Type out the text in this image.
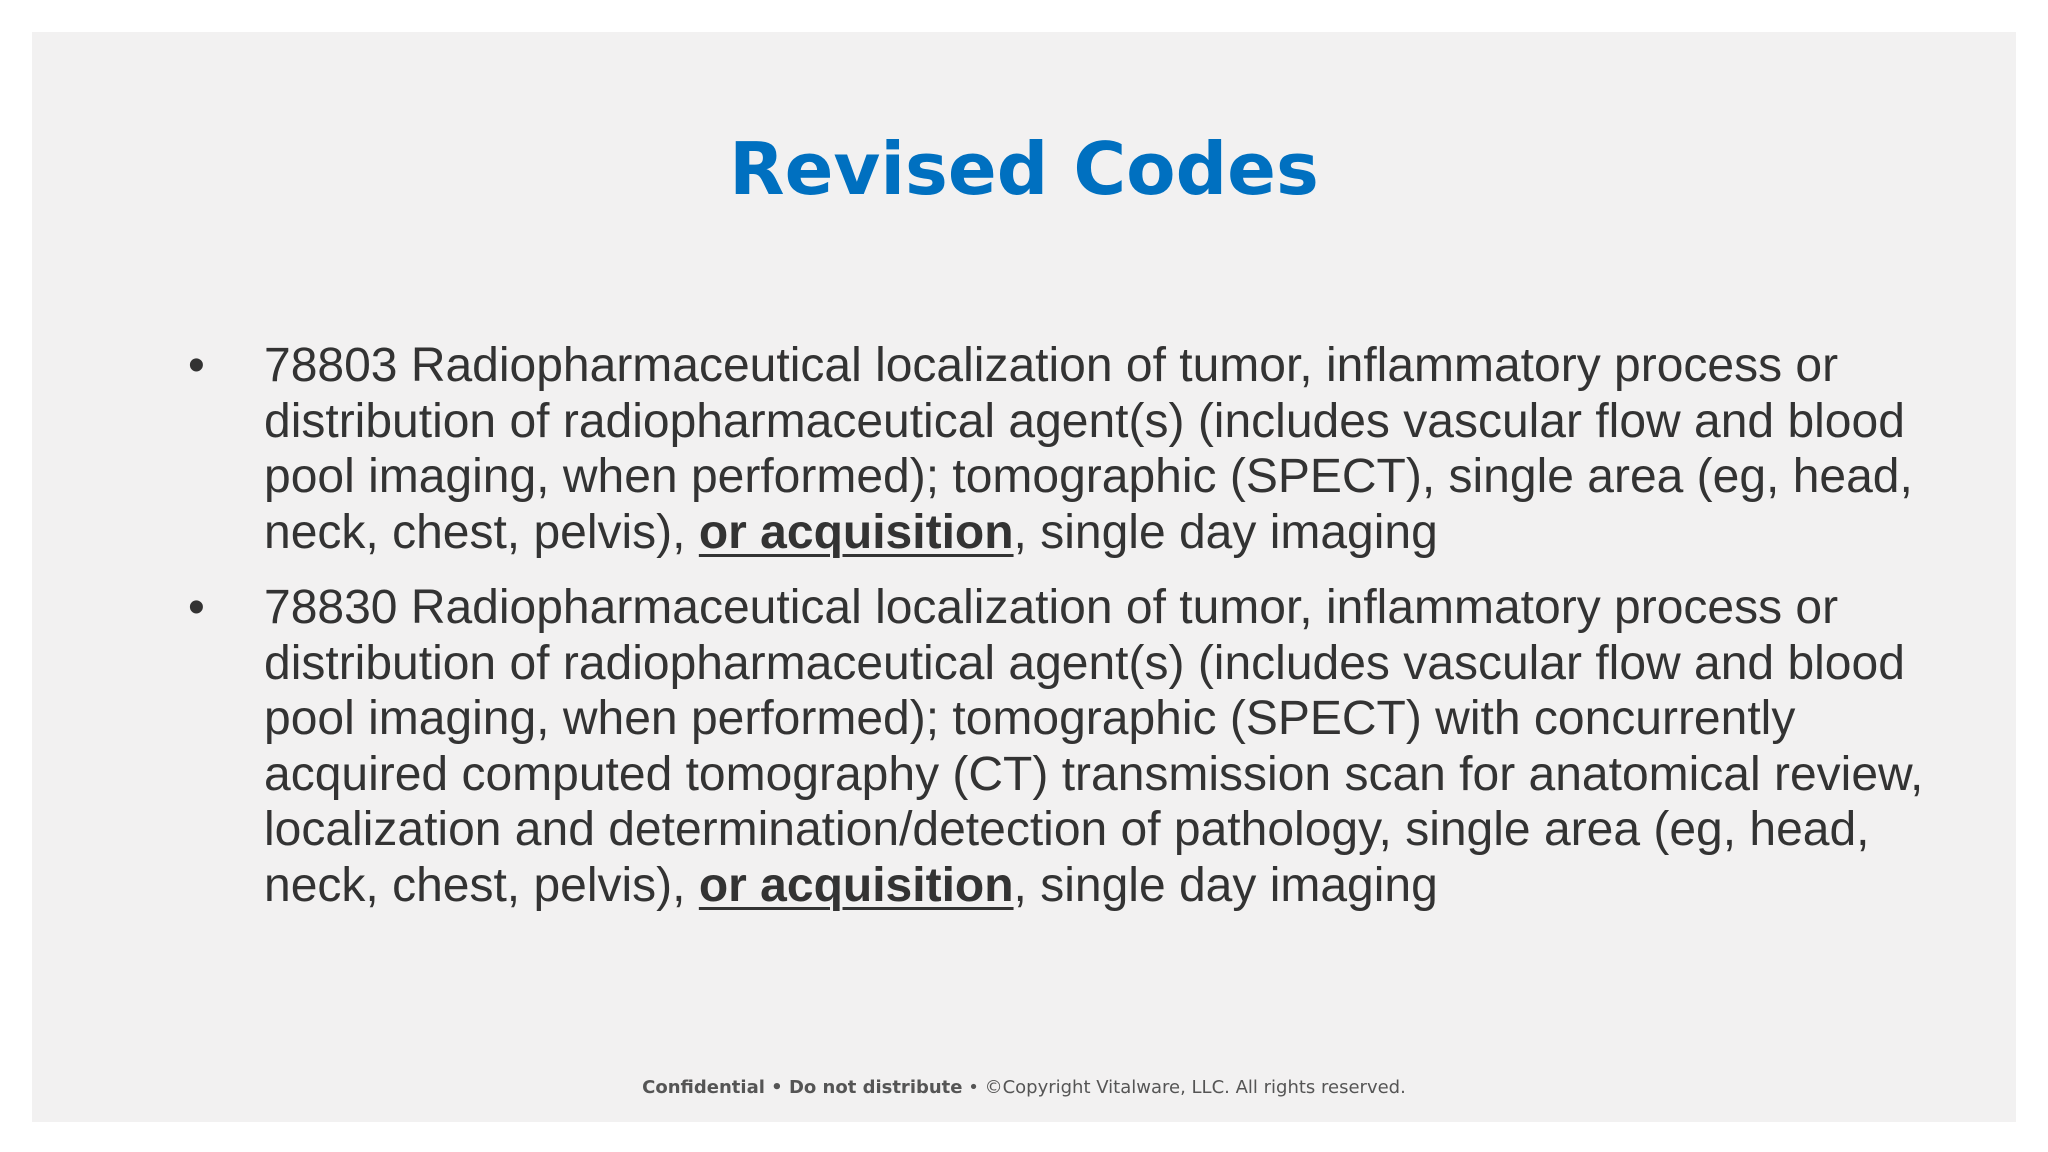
Revised Codes
• 78803 Radiopharmaceutical localization of tumor, inflammatory process or distribution of radiopharmaceutical agent(s) (includes vascular flow and blood pool imaging, when performed); tomographic (SPECT), single area (eg, head, neck, chest, pelvis), or acquisition, single day imaging
• 78830 Radiopharmaceutical localization of tumor, inflammatory process or distribution of radiopharmaceutical agent(s) (includes vascular flow and blood pool imaging, when performed); tomographic (SPECT) with concurrently acquired computed tomography (CT) transmission scan for anatomical review, localization and determination/detection of pathology, single area (eg, head, neck, chest, pelvis), or acquisition, single day imaging
Confidential • Do not distribute • ©Copyright Vitalware, LLC. All rights reserved.
